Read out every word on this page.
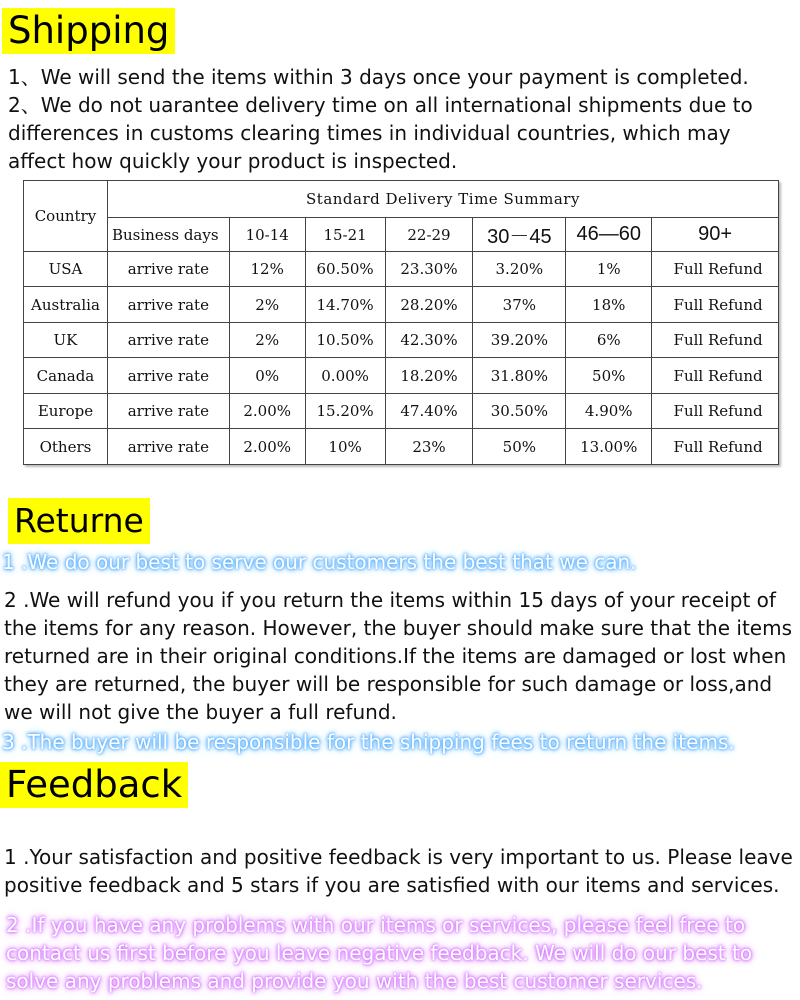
Shipping
1、We will send the items within 3 days once your payment is completed.
2、We do not uarantee delivery time on all international shipments due to
differences in customs clearing times in individual countries, which may
affect how quickly your product is inspected.
Country	Standard Delivery Time Summary						
	Business days	10-14	15-21	22-29	30－45	46—60	90+
USA	arrive rate	12%	60.50%	23.30%	3.20%	1%	Full Refund
Australia	arrive rate	2%	14.70%	28.20%	37%	18%	Full Refund
UK	arrive rate	2%	10.50%	42.30%	39.20%	6%	Full Refund
Canada	arrive rate	0%	0.00%	18.20%	31.80%	50%	Full Refund
Europe	arrive rate	2.00%	15.20%	47.40%	30.50%	4.90%	Full Refund
Others	arrive rate	2.00%	10%	23%	50%	13.00%	Full Refund
Returne
1 .We do our best to serve our customers the best that we can.
2 .We will refund you if you return the items within 15 days of your receipt of
the items for any reason. However, the buyer should make sure that the items
returned are in their original conditions.If the items are damaged or lost when
they are returned, the buyer will be responsible for such damage or loss,and
we will not give the buyer a full refund.
3 .The buyer will be responsible for the shipping fees to return the items.
Feedback
1 .Your satisfaction and positive feedback is very important to us. Please leave
positive feedback and 5 stars if you are satisfied with our items and services.
2 .If you have any problems with our items or services, please feel free to
contact us first before you leave negative feedback. We will do our best to
solve any problems and provide you with the best customer services.
